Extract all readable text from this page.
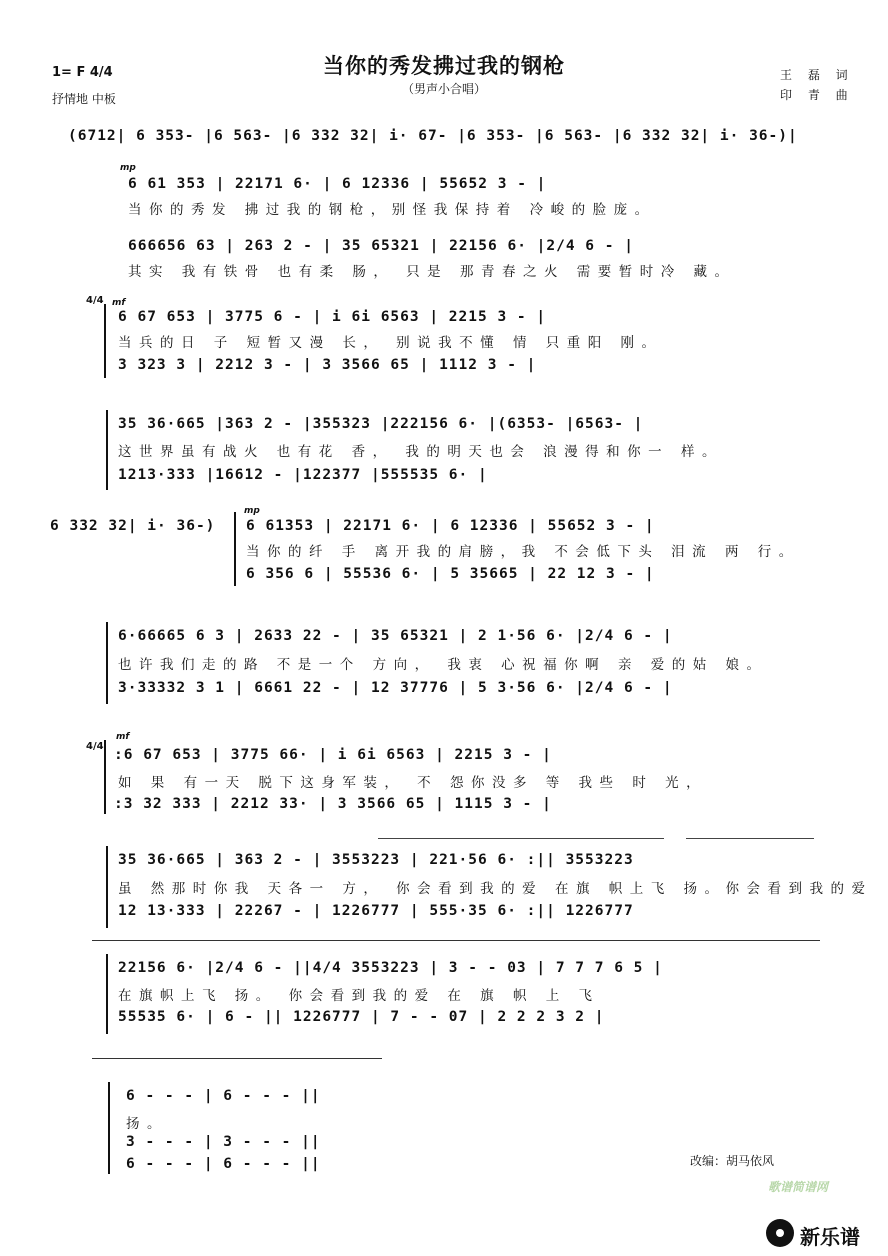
当你的秀发拂过我的钢枪
（男声小合唱）
1= F 4/4
抒情地 中板
王 磊 词
印 青 曲
(6712| 6 353- |6 563- |6 332 32| i· 67- |6 353- |6 563- |6 332 32| i· 36-)|
mp
6 61 353 | 22171 6· | 6 12336 | 55652 3 - |
当你的秀发 拂过我的钢枪，别怪我保持着 冷峻的脸庞。
666656 63 | 263 2 - | 35 65321 | 22156 6· |2/4 6 - |
其实 我有铁骨 也有柔 肠， 只是 那青春之火 需要暂时冷 藏。
4/4 mf
6 67 653 | 3775 6 - | i 6i 6563 | 2215 3 - |
当兵的日 子 短暂又漫 长， 别说我不懂 情 只重阳 刚。
3 323 3 | 2212 3 - | 3 3566 65 | 1112 3 - |
35 36·665 |363 2 - |355323 |222156 6· |(6353- |6563- |
这世界虽有战火 也有花 香， 我的明天也会 浪漫得和你一 样。
1213·333 |16612 - |122377 |555535 6· |
6 332 32| i· 36-)
mp
6 61353 | 22171 6· | 6 12336 | 55652 3 - |
当你的纤 手 离开我的肩膀，我 不会低下头 泪流 两 行。
6 356 6 | 55536 6· | 5 35665 | 22 12 3 - |
6·66665 6 3 | 2633 22 - | 35 65321 | 2 1·56 6· |2/4 6 - |
也许我们走的路 不是一个 方向， 我衷 心祝福你啊 亲 爱的姑 娘。
3·33332 3 1 | 6661 22 - | 12 37776 | 5 3·56 6· |2/4 6 - |
4/4
mf
:6 67 653 | 3775 66· | i 6i 6563 | 2215 3 - |
如 果 有一天 脱下这身军装， 不 怨你没多 等 我些 时 光，
:3 32 333 | 2212 33· | 3 3566 65 | 1115 3 - |
35 36·665 | 363 2 - | 3553223 | 221·56 6· :|| 3553223
虽 然那时你我 天各一 方， 你会看到我的爱 在旗 帜上飞 扬。你会看到我的爱
12 13·333 | 22267 - | 1226777 | 555·35 6· :|| 1226777
22156 6· |2/4 6 - ||4/4 3553223 | 3 - - 03 | 7 7 7 6 5 |
在旗帜上飞 扬。 你会看到我的爱 在 旗 帜 上 飞
55535 6· | 6 - || 1226777 | 7 - - 07 | 2 2 2 3 2 |
6 - - - | 6 - - - ||
扬。
3 - - - | 3 - - - ||
6 - - - | 6 - - - ||	改编：胡马依风
歌谱简谱网
新乐谱
